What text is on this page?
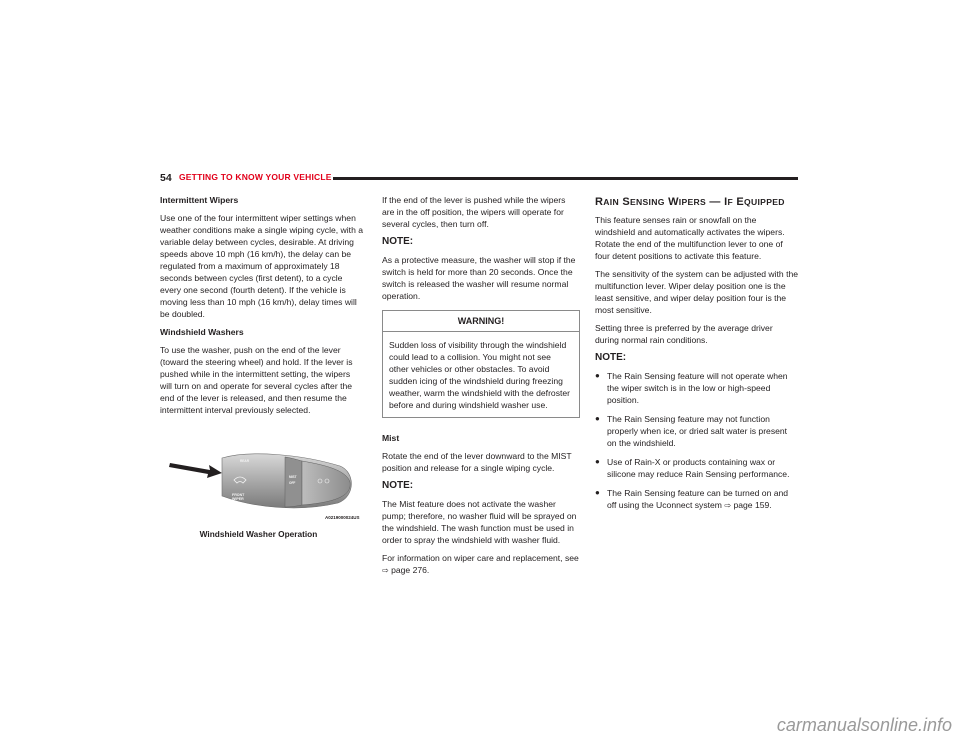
54 GETTING TO KNOW YOUR VEHICLE

Intermittent Wipers

Use one of the four intermittent wiper settings when weather conditions make a single wiping cycle, with a variable delay between cycles, desirable. At driving speeds above 10 mph (16 km/h), the delay can be regulated from a maximum of approximately 18 seconds between cycles (first detent), to a cycle every one second (fourth detent). If the vehicle is moving less than 10 mph (16 km/h), delay times will be doubled.

Windshield Washers

To use the washer, push on the end of the lever (toward the steering wheel) and hold. If the lever is pushed while in the intermittent setting, the wipers will turn on and operate for several cycles after the end of the lever is released, and then resume the intermittent interval previously selected.

FRONT
WIPER
REAR
MIST
OFF
A0219000024US
Windshield Washer Operation

If the end of the lever is pushed while the wipers are in the off position, the wipers will operate for several cycles, then turn off.

NOTE:

As a protective measure, the washer will stop if the switch is held for more than 20 seconds. Once the switch is released the washer will resume normal operation.

WARNING!
Sudden loss of visibility through the windshield could lead to a collision. You might not see other vehicles or other obstacles. To avoid sudden icing of the windshield during freezing weather, warm the windshield with the defroster before and during windshield washer use.

Mist

Rotate the end of the lever downward to the MIST position and release for a single wiping cycle.

NOTE:

The Mist feature does not activate the washer pump; therefore, no washer fluid will be sprayed on the windshield. The wash function must be used in order to spray the windshield with washer fluid.

For information on wiper care and replacement, see ⇨ page 276.

RAIN SENSING WIPERS — IF EQUIPPED

This feature senses rain or snowfall on the windshield and automatically activates the wipers. Rotate the end of the multifunction lever to one of four detent positions to activate this feature.

The sensitivity of the system can be adjusted with the multifunction lever. Wiper delay position one is the least sensitive, and wiper delay position four is the most sensitive.

Setting three is preferred by the average driver during normal rain conditions.

NOTE:

● The Rain Sensing feature will not operate when the wiper switch is in the low or high-speed position.
● The Rain Sensing feature may not function properly when ice, or dried salt water is present on the windshield.
● Use of Rain-X or products containing wax or silicone may reduce Rain Sensing performance.
● The Rain Sensing feature can be turned on and off using the Uconnect system ⇨ page 159.
carmanualsonline.info
